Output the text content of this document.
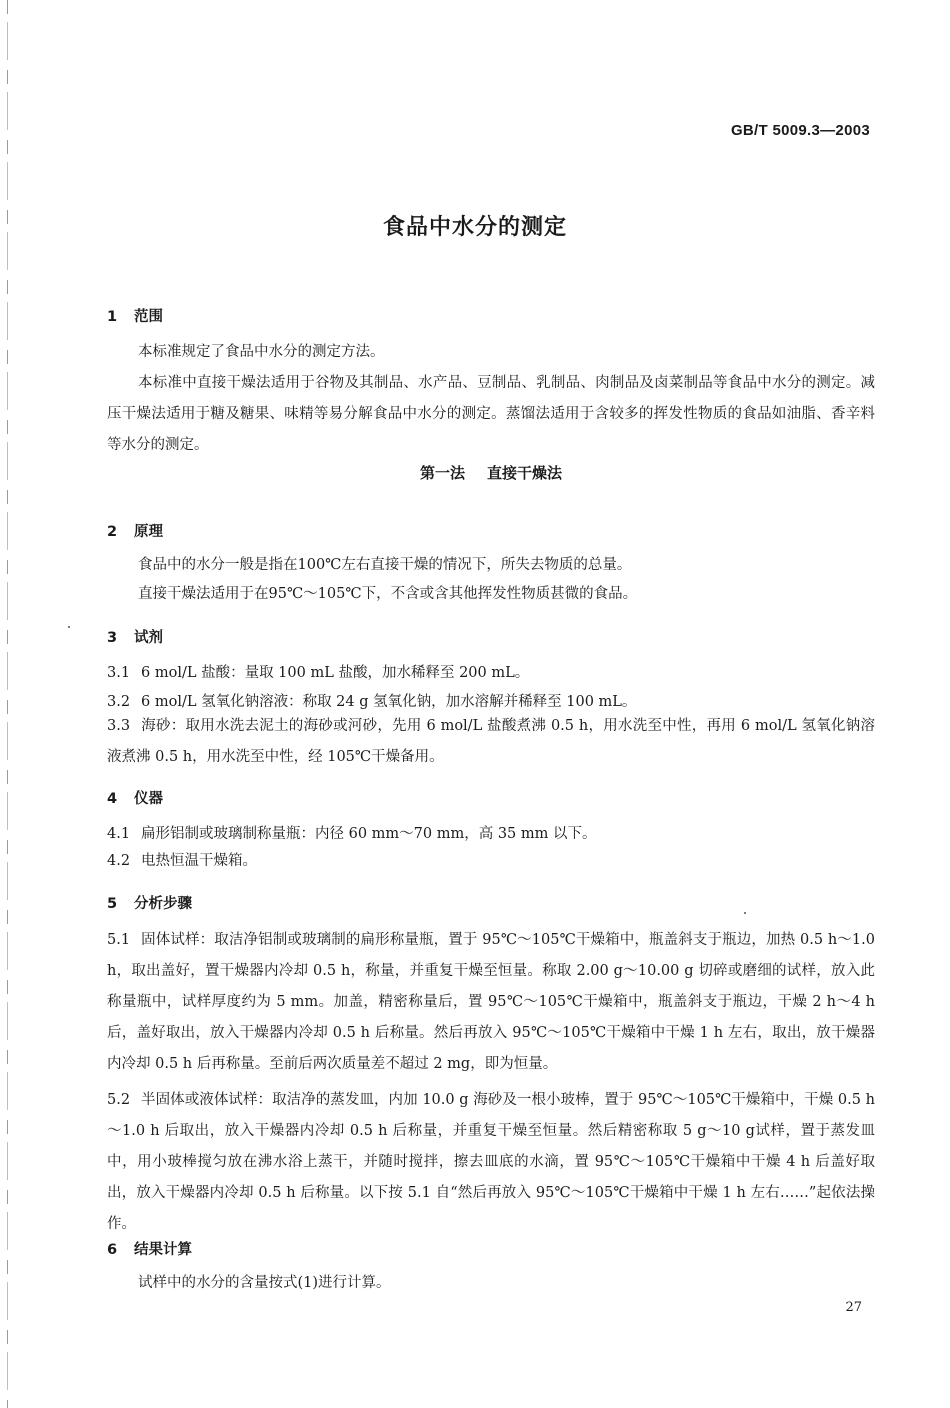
GB/T 5009.3—2003
食品中水分的测定
1 范围
本标准规定了食品中水分的测定方法。
本标准中直接干燥法适用于谷物及其制品、水产品、豆制品、乳制品、肉制品及卤菜制品等食品中水分的测定。减压干燥法适用于糖及糖果、味精等易分解食品中水分的测定。蒸馏法适用于含较多的挥发性物质的食品如油脂、香辛料等水分的测定。
第一法 直接干燥法
2 原理
食品中的水分一般是指在100℃左右直接干燥的情况下，所失去物质的总量。
直接干燥法适用于在95℃～105℃下，不含或含其他挥发性物质甚微的食品。
3 试剂
3.1 6 mol/L 盐酸：量取 100 mL 盐酸，加水稀释至 200 mL。
3.2 6 mol/L 氢氧化钠溶液：称取 24 g 氢氧化钠，加水溶解并稀释至 100 mL。
3.3 海砂：取用水洗去泥土的海砂或河砂，先用 6 mol/L 盐酸煮沸 0.5 h，用水洗至中性，再用 6 mol/L 氢氧化钠溶液煮沸 0.5 h，用水洗至中性，经 105℃干燥备用。
4 仪器
4.1 扁形铝制或玻璃制称量瓶：内径 60 mm～70 mm，高 35 mm 以下。
4.2 电热恒温干燥箱。
5 分析步骤
5.1 固体试样：取洁净铝制或玻璃制的扁形称量瓶，置于 95℃～105℃干燥箱中，瓶盖斜支于瓶边，加热 0.5 h～1.0 h，取出盖好，置干燥器内冷却 0.5 h，称量，并重复干燥至恒量。称取 2.00 g～10.00 g 切碎或磨细的试样，放入此称量瓶中，试样厚度约为 5 mm。加盖，精密称量后，置 95℃～105℃干燥箱中，瓶盖斜支于瓶边，干燥 2 h～4 h 后，盖好取出，放入干燥器内冷却 0.5 h 后称量。然后再放入 95℃～105℃干燥箱中干燥 1 h 左右，取出，放干燥器内冷却 0.5 h 后再称量。至前后两次质量差不超过 2 mg，即为恒量。
5.2 半固体或液体试样：取洁净的蒸发皿，内加 10.0 g 海砂及一根小玻棒，置于 95℃～105℃干燥箱中，干燥 0.5 h～1.0 h 后取出，放入干燥器内冷却 0.5 h 后称量，并重复干燥至恒量。然后精密称取 5 g～10 g试样，置于蒸发皿中，用小玻棒搅匀放在沸水浴上蒸干，并随时搅拌，擦去皿底的水滴，置 95℃～105℃干燥箱中干燥 4 h 后盖好取出，放入干燥器内冷却 0.5 h 后称量。以下按 5.1 自“然后再放入 95℃～105℃干燥箱中干燥 1 h 左右……”起依法操作。
6 结果计算
试样中的水分的含量按式(1)进行计算。
27
